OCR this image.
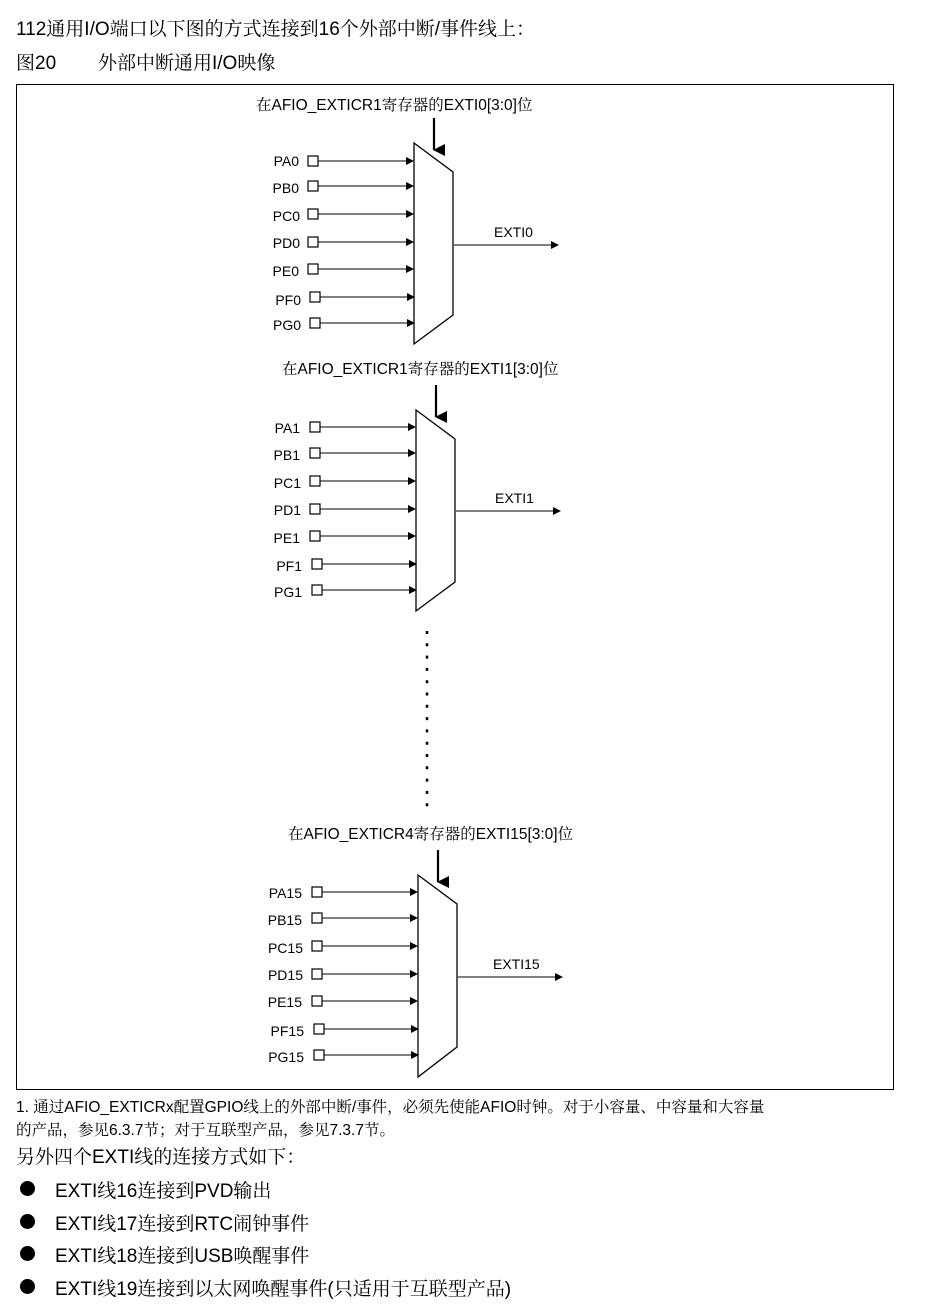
112通用I/O端口以下图的方式连接到16个外部中断/事件线上：
图20 外部中断通用I/O映像
在AFIO_EXTICR1寄存器的EXTI0[3:0]位
PA0
PB0
PC0
PD0
PE0
PF0
PG0
EXTI0
在AFIO_EXTICR1寄存器的EXTI1[3:0]位
PA1
PB1
PC1
PD1
PE1
PF1
PG1
EXTI1
在AFIO_EXTICR4寄存器的EXTI15[3:0]位
PA15
PB15
PC15
PD15
PE15
PF15
PG15
EXTI15
1. 通过AFIO_EXTICRx配置GPIO线上的外部中断/事件，必须先使能AFIO时钟。对于小容量、中容量和大容量
的产品，参见6.3.7节；对于互联型产品，参见7.3.7节。
另外四个EXTI线的连接方式如下：
EXTI线16连接到PVD输出
EXTI线17连接到RTC闹钟事件
EXTI线18连接到USB唤醒事件
EXTI线19连接到以太网唤醒事件(只适用于互联型产品)
